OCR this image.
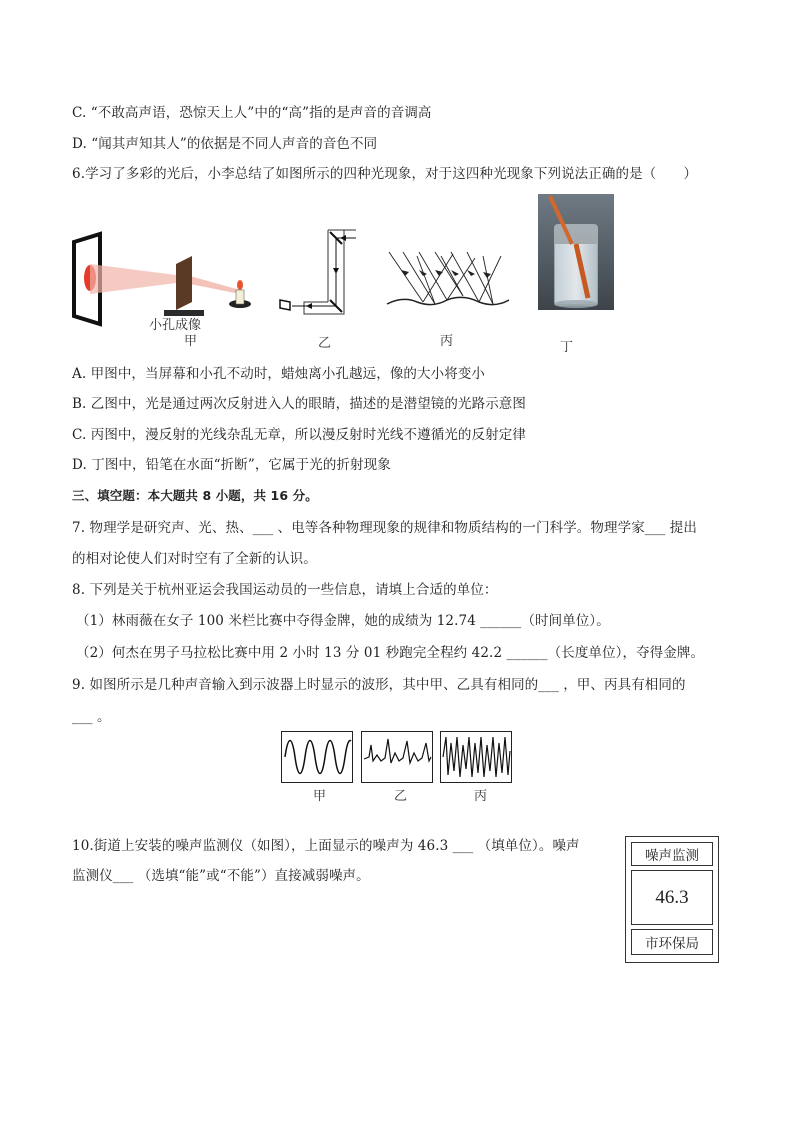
C. “不敢高声语，恐惊天上人”中的“高”指的是声音的音调高
D. “闻其声知其人”的依据是不同人声音的音色不同
6.学习了多彩的光后，小李总结了如图所示的四种光现象，对于这四种光现象下列说法正确的是（　　）
小孔成像
甲	乙	丙	丁
A. 甲图中，当屏幕和小孔不动时，蜡烛离小孔越远，像的大小将变小
B. 乙图中，光是通过两次反射进入人的眼睛，描述的是潜望镜的光路示意图
C. 丙图中，漫反射的光线杂乱无章，所以漫反射时光线不遵循光的反射定律
D. 丁图中，铅笔在水面“折断”，它属于光的折射现象
三、填空题：本大题共 8 小题，共 16 分。
7. 物理学是研究声、光、热、___ 、电等各种物理现象的规律和物质结构的一门科学。物理学家___ 提出
的相对论使人们对时空有了全新的认识。
8. 下列是关于杭州亚运会我国运动员的一些信息，请填上合适的单位：
（1）林雨薇在女子 100 米栏比赛中夺得金牌，她的成绩为 12.74 ______（时间单位）。
（2）何杰在男子马拉松比赛中用 2 小时 13 分 01 秒跑完全程约 42.2 ______（长度单位），夺得金牌。
9. 如图所示是几种声音输入到示波器上时显示的波形，其中甲、乙具有相同的___ ，甲、丙具有相同的
___ 。
甲	乙	丙
10.街道上安装的噪声监测仪（如图），上面显示的噪声为 46.3 ___ （填单位）。噪声
监测仪___ （选填“能”或“不能”）直接减弱噪声。
噪声监测
46.3
市环保局
